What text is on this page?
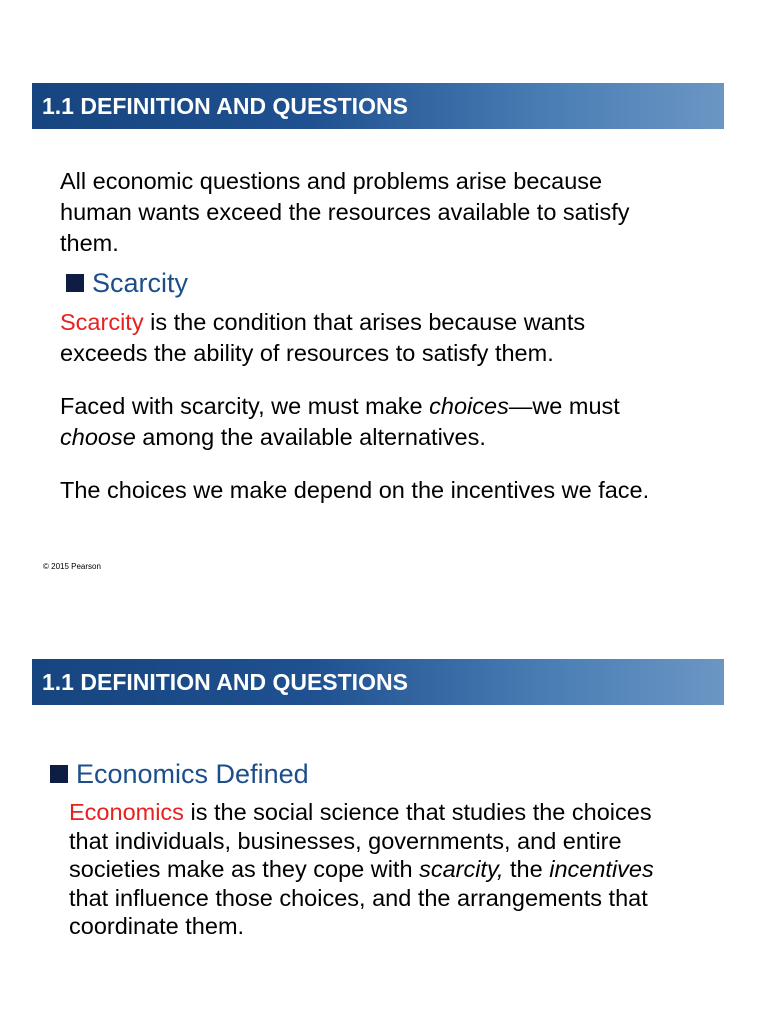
1.1 DEFINITION AND QUESTIONS

All economic questions and problems arise because
human wants exceed the resources available to satisfy
them.

Scarcity

Scarcity is the condition that arises because wants
exceeds the ability of resources to satisfy them.

Faced with scarcity, we must make choices—we must
choose among the available alternatives.

The choices we make depend on the incentives we face.

© 2015 Pearson
1.1 DEFINITION AND QUESTIONS
Economics Defined

Economics is the social science that studies the choices
that individuals, businesses, governments, and entire
societies make as they cope with scarcity, the incentives
that influence those choices, and the arrangements that
coordinate them.
